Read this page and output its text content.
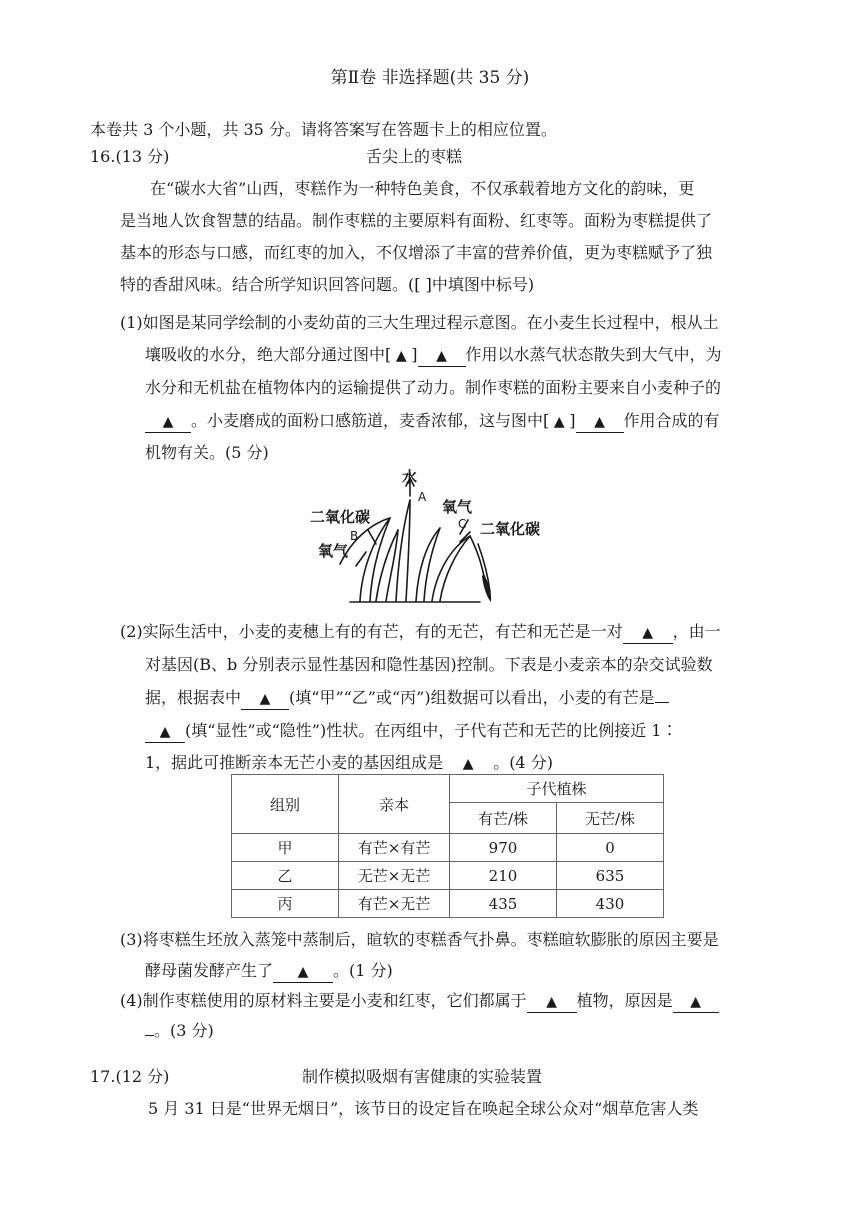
第Ⅱ卷 非选择题(共 35 分)
本卷共 3 个小题，共 35 分。请将答案写在答题卡上的相应位置。
16.(13 分)	舌尖上的枣糕
在“碳水大省”山西，枣糕作为一种特色美食，不仅承载着地方文化的韵味，更
是当地人饮食智慧的结晶。制作枣糕的主要原料有面粉、红枣等。面粉为枣糕提供了
基本的形态与口感，而红枣的加入，不仅增添了丰富的营养价值，更为枣糕赋予了独
特的香甜风味。结合所学知识回答问题。([ ]中填图中标号)
(1)如图是某同学绘制的小麦幼苗的三大生理过程示意图。在小麦生长过程中，根从土
壤吸收的水分，绝大部分通过图中[ ▲ ] ▲ 作用以水蒸气状态散失到大气中，为
水分和无机盐在植物体内的运输提供了动力。制作枣糕的面粉主要来自小麦种子的
▲ 。小麦磨成的面粉口感筋道，麦香浓郁，这与图中[ ▲ ] ▲ 作用合成的有
机物有关。(5 分)
水
A
二氧化碳
B
氧气
氧气
C 二氧化碳
(2)实际生活中，小麦的麦穗上有的有芒，有的无芒，有芒和无芒是一对 ▲ ，由一
对基因(B、b 分别表示显性基因和隐性基因)控制。下表是小麦亲本的杂交试验数
据，根据表中 ▲ (填“甲”“乙”或“丙”)组数据可以看出，小麦的有芒是
▲ (填“显性”或“隐性”)性状。在丙组中，子代有芒和无芒的比例接近 1∶
1，据此可推断亲本无芒小麦的基因组成是 ▲ 。(4 分)
组别	亲本	子代植株	
		有芒/株	无芒/株
甲	有芒×有芒	970	0
乙	无芒×无芒	210	635
丙	有芒×无芒	435	430
(3)将枣糕生坯放入蒸笼中蒸制后，暄软的枣糕香气扑鼻。枣糕暄软膨胀的原因主要是
酵母菌发酵产生了 ▲ 。(1 分)
(4)制作枣糕使用的原材料主要是小麦和红枣，它们都属于 ▲ 植物，原因是 ▲
。(3 分)
17.(12 分)	制作模拟吸烟有害健康的实验装置
5 月 31 日是“世界无烟日”，该节日的设定旨在唤起全球公众对“烟草危害人类
